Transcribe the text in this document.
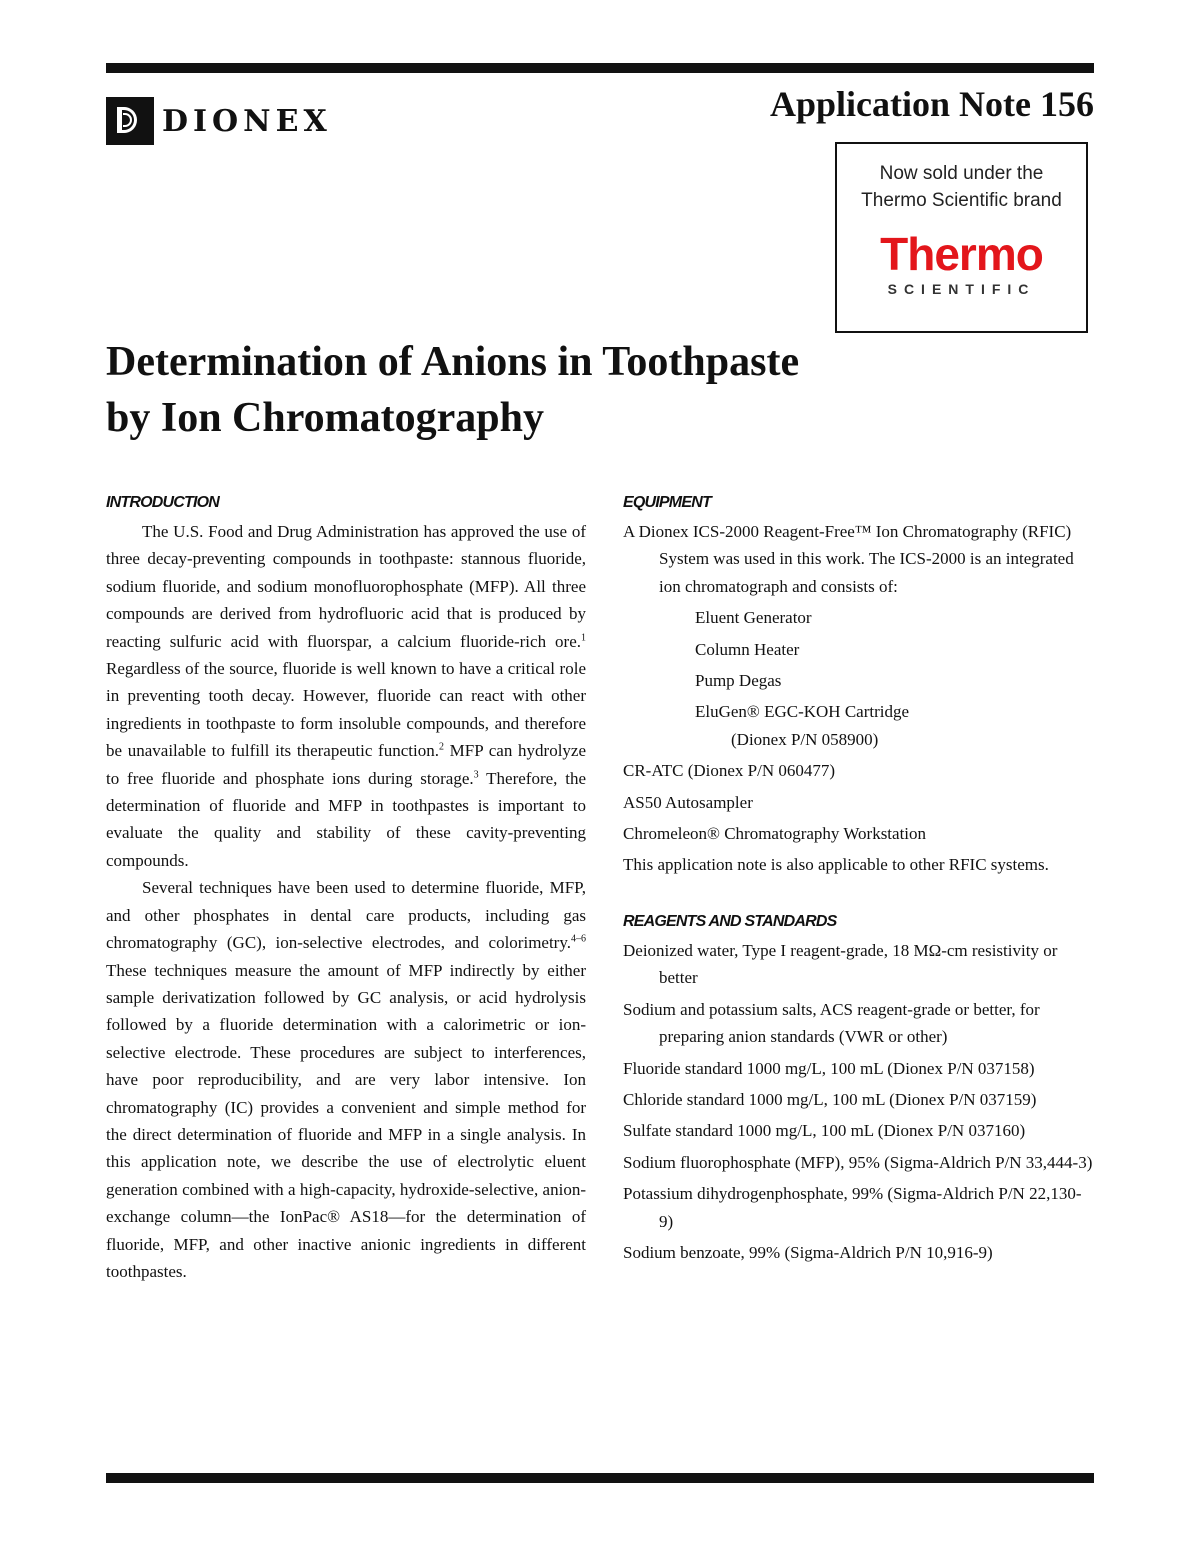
DIONEX	Application Note 156
Now sold under the
Thermo Scientific brand
Thermo
SCIENTIFIC
Determination of Anions in Toothpaste
by Ion Chromatography
INTRODUCTION

The U.S. Food and Drug Administration has approved the use of three decay-preventing compounds in toothpaste: stannous fluoride, sodium fluoride, and sodium monofluorophosphate (MFP). All three compounds are derived from hydrofluoric acid that is produced by reacting sulfuric acid with fluorspar, a calcium fluoride-rich ore.$^1$ Regardless of the source, fluoride is well known to have a critical role in preventing tooth decay. However, fluoride can react with other ingredients in toothpaste to form insoluble compounds, and therefore be unavailable to fulfill its therapeutic function.$^2$ MFP can hydrolyze to free fluoride and phosphate ions during storage.$^3$ Therefore, the determination of fluoride and MFP in toothpastes is important to evaluate the quality and stability of these cavity-preventing compounds.

Several techniques have been used to determine fluoride, MFP, and other phosphates in dental care products, including gas chromatography (GC), ion-selective electrodes, and colorimetry.$^{4-6}$ These techniques measure the amount of MFP indirectly by either sample derivatization followed by GC analysis, or acid hydrolysis followed by a fluoride determination with a calorimetric or ion-selective electrode. These procedures are subject to interferences, have poor reproducibility, and are very labor intensive. Ion chromatography (IC) provides a convenient and simple method for the direct determination of fluoride and MFP in a single analysis. In this application note, we describe the use of electrolytic eluent generation combined with a high-capacity, hydroxide-selective, anion-exchange column—the IonPac® AS18—for the determination of fluoride, MFP, and other inactive anionic ingredients in different toothpastes.

EQUIPMENT

A Dionex ICS-2000 Reagent-Free™ Ion Chromatography (RFIC) System was used in this work. The ICS-2000 is an integrated ion chromatograph and consists of:

Eluent Generator

Column Heater

Pump Degas

EluGen® EGC-KOH Cartridge

(Dionex P/N 058900)

CR-ATC (Dionex P/N 060477)

AS50 Autosampler

Chromeleon® Chromatography Workstation

This application note is also applicable to other RFIC systems.

REAGENTS AND STANDARDS

Deionized water, Type I reagent-grade, 18 MΩ-cm resistivity or better

Sodium and potassium salts, ACS reagent-grade or better, for preparing anion standards (VWR or other)

Fluoride standard 1000 mg/L, 100 mL (Dionex P/N 037158)

Chloride standard 1000 mg/L, 100 mL (Dionex P/N 037159)

Sulfate standard 1000 mg/L, 100 mL (Dionex P/N 037160)

Sodium fluorophosphate (MFP), 95% (Sigma-Aldrich P/N 33,444-3)

Potassium dihydrogenphosphate, 99% (Sigma-Aldrich P/N 22,130-9)

Sodium benzoate, 99% (Sigma-Aldrich P/N 10,916-9)
